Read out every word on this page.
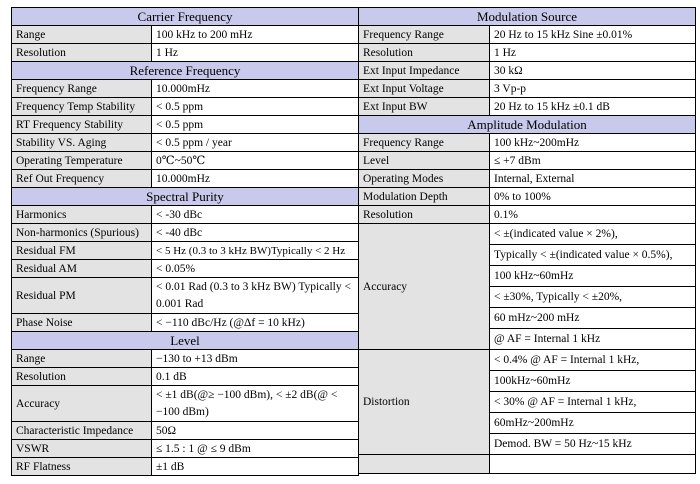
Carrier Frequency	
Range	100 kHz to 200 mHz
Resolution	1 Hz
Reference Frequency	
Frequency Range	10.000mHz
Frequency Temp Stability	< 0.5 ppm
RT Frequency Stability	< 0.5 ppm
Stability VS. Aging	< 0.5 ppm / year
Operating Temperature	0℃~50℃
Ref Out Frequency	10.000mHz
Spectral Purity	
Harmonics	< -30 dBc
Non-harmonics (Spurious)	< -40 dBc
Residual FM	< 5 Hz (0.3 to 3 kHz BW)Typically < 2 Hz
Residual AM	< 0.05%
Residual PM	< 0.01 Rad (0.3 to 3 kHz BW) Typically < 0.001 Rad
Phase Noise	< −110 dBc/Hz (@Δf = 10 kHz)
Level	
Range	−130 to +13 dBm
Resolution	0.1 dB
Accuracy	< ±1 dB(@≥ −100 dBm), < ±2 dB(@ < −100 dBm)
Characteristic Impedance	50Ω
VSWR	≤ 1.5 : 1 @ ≤ 9 dBm
RF Flatness	±1 dB
Modulation Source	
Frequency Range	20 Hz to 15 kHz Sine ±0.01%
Resolution	1 Hz
Ext Input Impedance	30 kΩ
Ext Input Voltage	3 Vp-p
Ext Input BW	20 Hz to 15 kHz ±0.1 dB
Amplitude Modulation	
Frequency Range	100 kHz~200mHz
Level	≤ +7 dBm
Operating Modes	Internal, External
Modulation Depth	0% to 100%
Resolution	0.1%
Accuracy	< ±(indicated value × 2%),
	Typically < ±(indicated value × 0.5%),
	100 kHz~60mHz
	< ±30%, Typically < ±20%,
	60 mHz~200 mHz
	@ AF = Internal 1 kHz
Distortion	< 0.4% @ AF = Internal 1 kHz,
	100kHz~60mHz
	< 30% @ AF = Internal 1 kHz,
	60mHz~200mHz
	Demod. BW = 50 Hz~15 kHz
